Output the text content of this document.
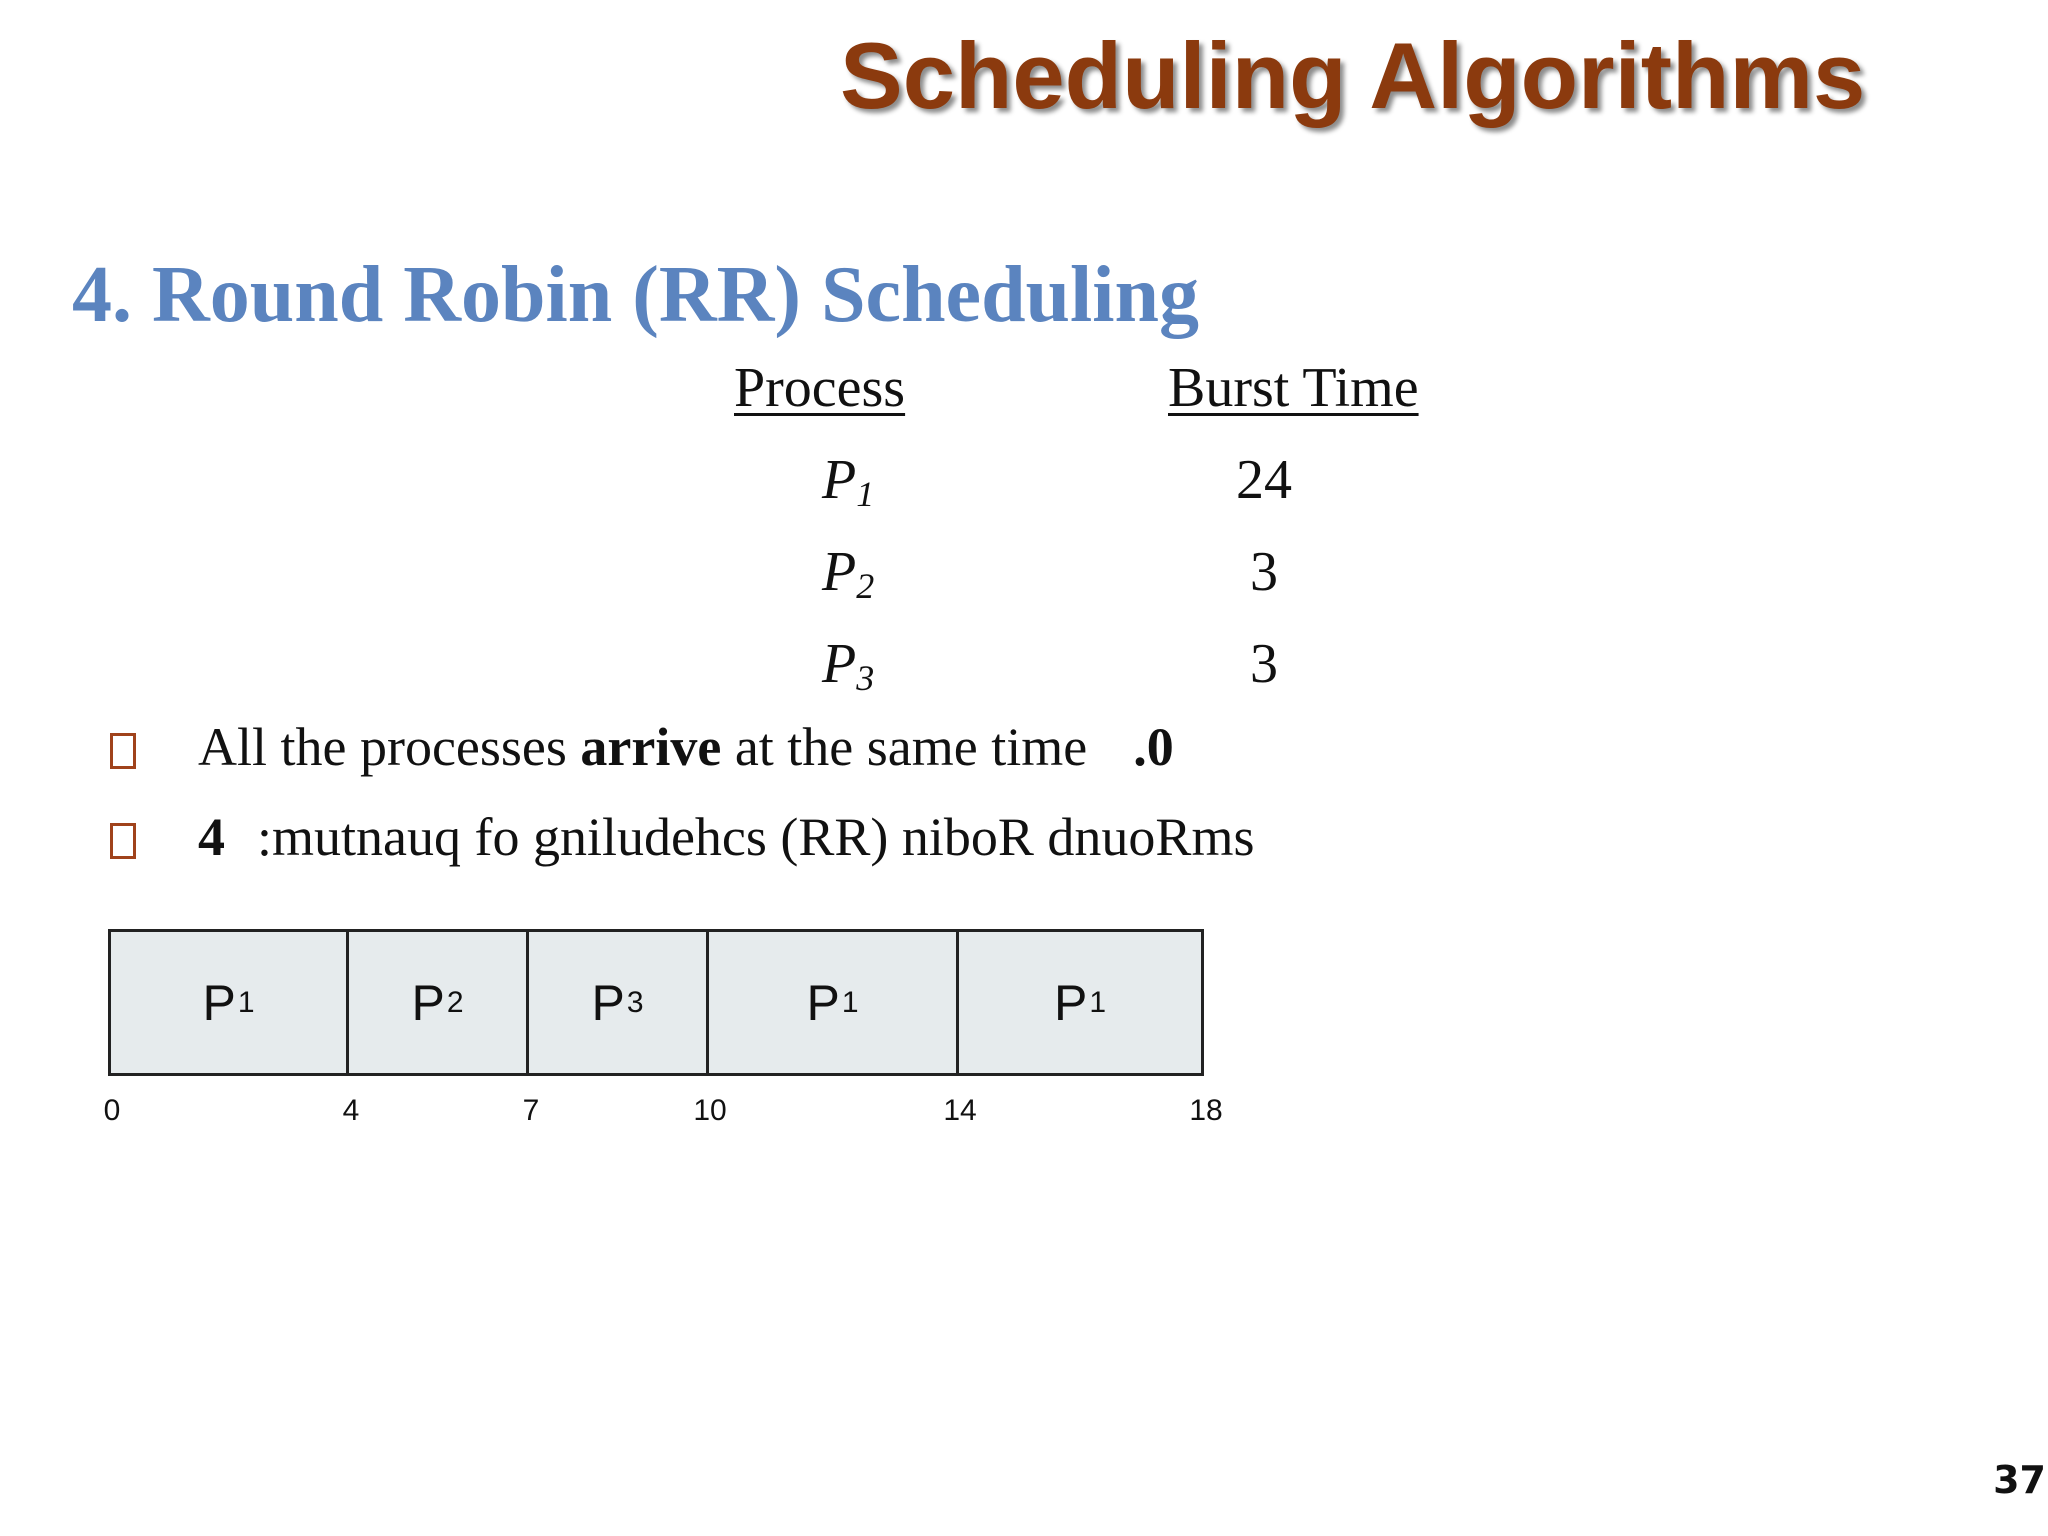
Scheduling Algorithms
4. Round Robin (RR) Scheduling
Process	Burst Time
$P_1$	24
$P_2$	3
$P_3$	3
All the processes arrive at the same time .0
4 :mutnauq fo gniludehcs (RR) niboR dnuoRms
P 1	P 2	P 3	P 1	P 1
0	4	7	10	14	18
37
